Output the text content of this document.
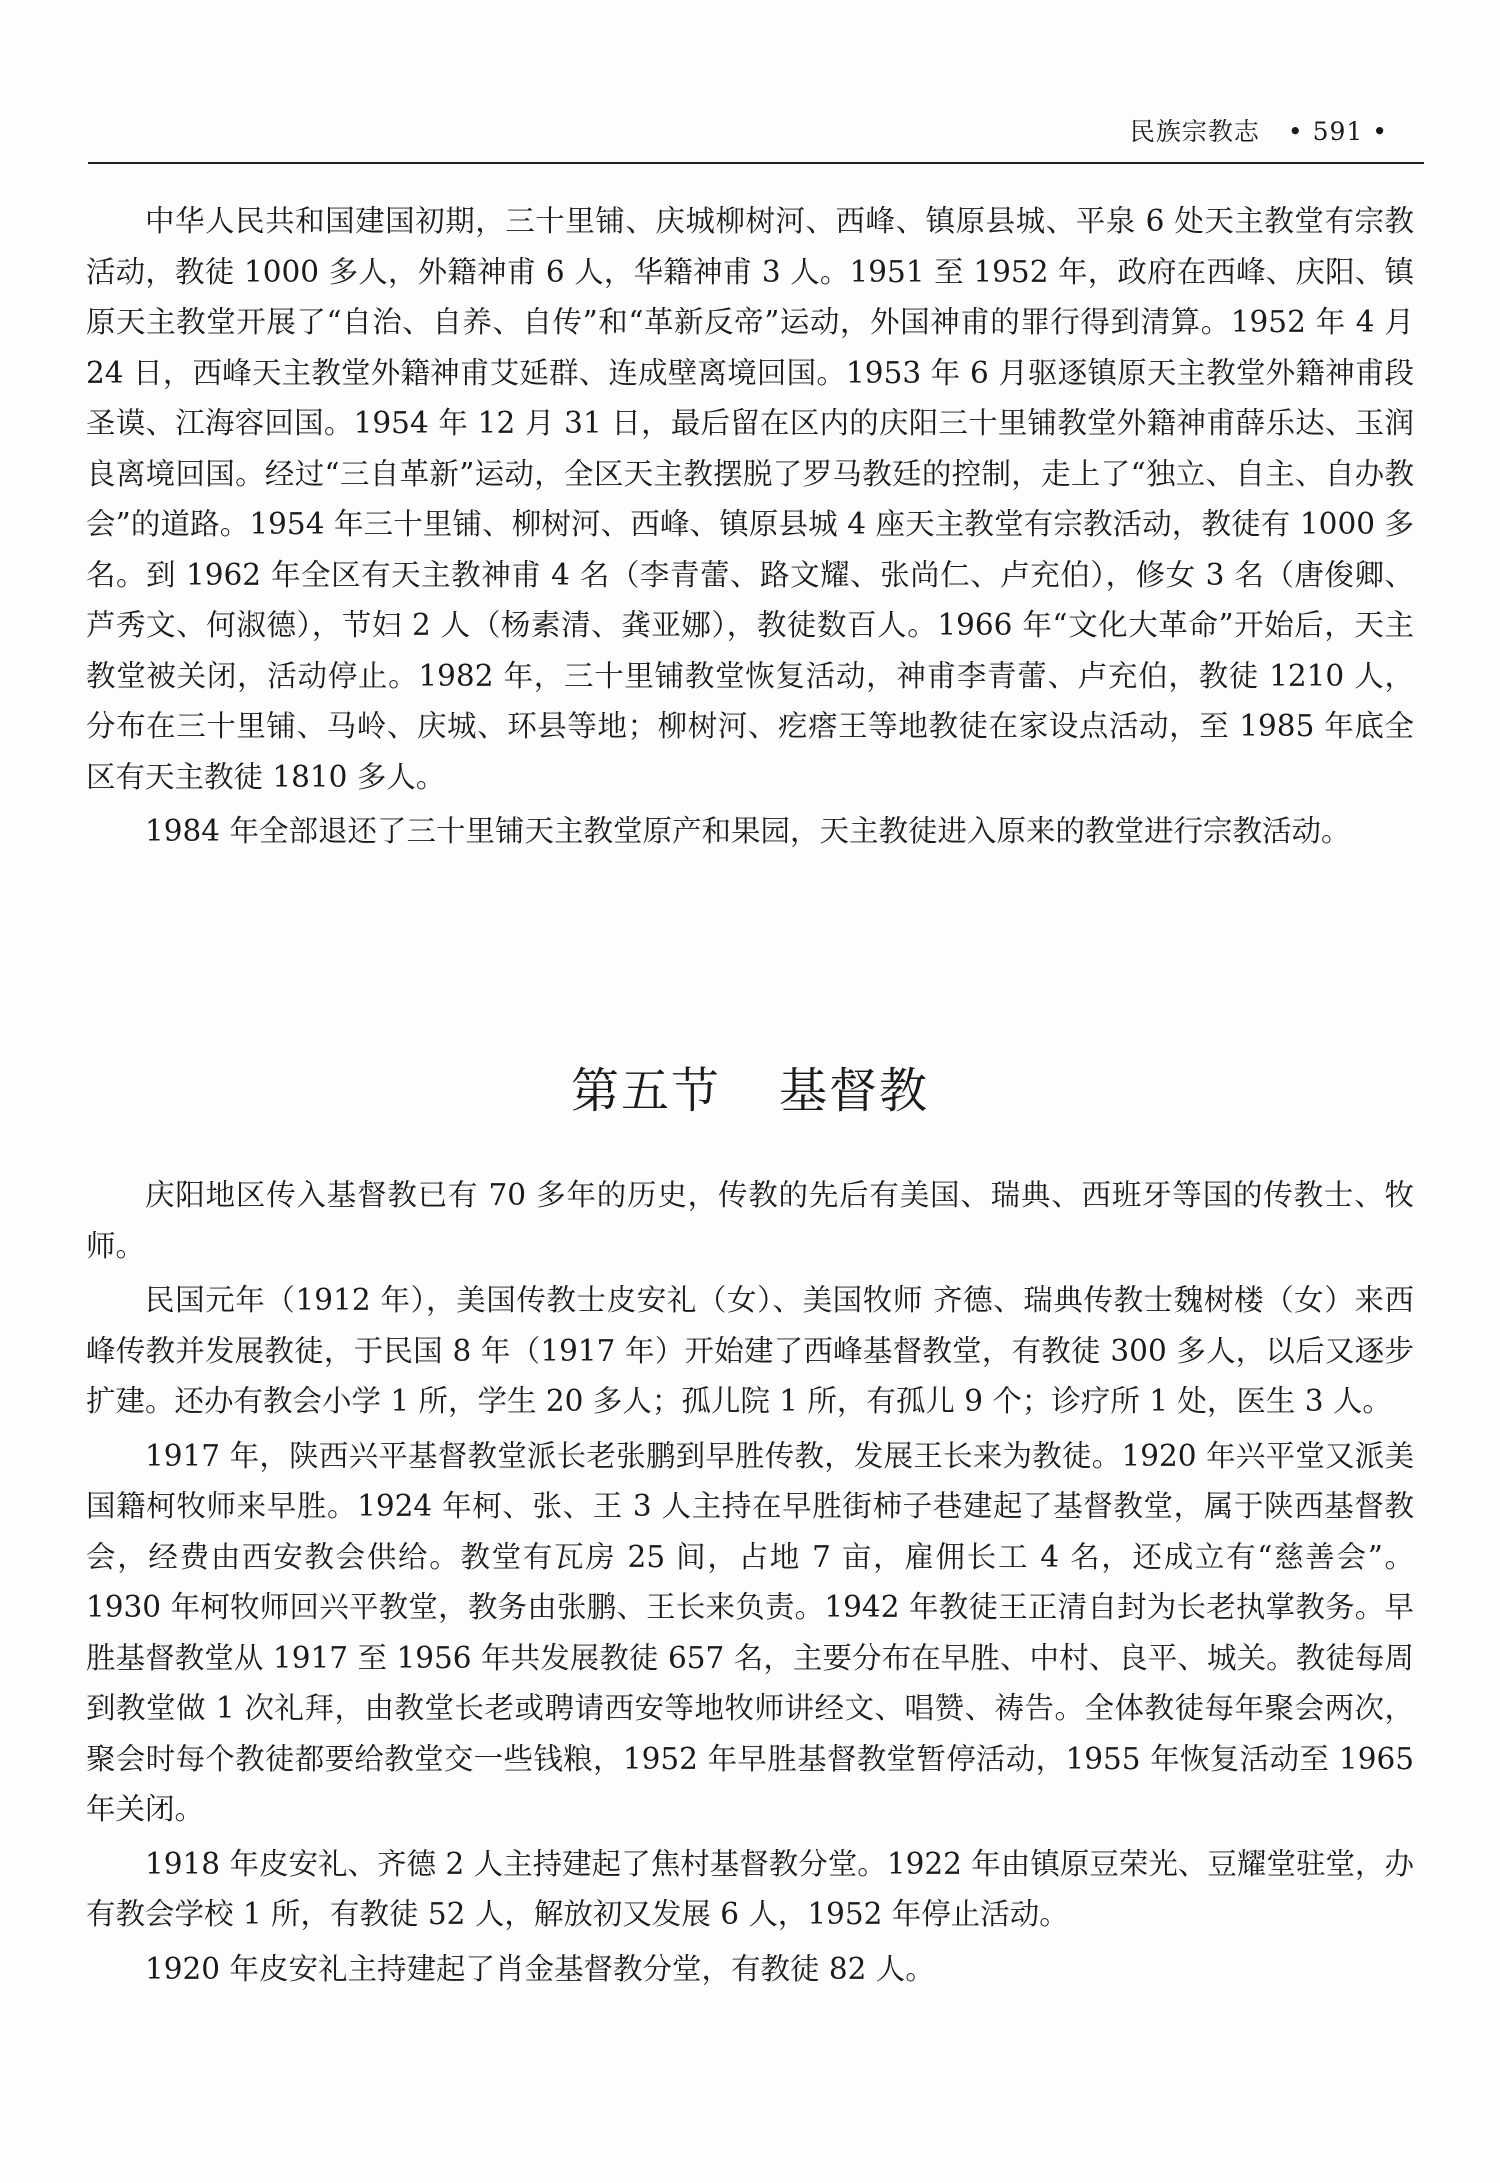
民族宗教志 • 591 •

中华人民共和国建国初期，三十里铺、庆城柳树河、西峰、镇原县城、平泉 6 处天主教堂有宗教活动，教徒 1000 多人，外籍神甫 6 人，华籍神甫 3 人。1951 至 1952 年，政府在西峰、庆阳、镇原天主教堂开展了“自治、自养、自传”和“革新反帝”运动，外国神甫的罪行得到清算。1952 年 4 月 24 日，西峰天主教堂外籍神甫艾延群、连成壁离境回国。1953 年 6 月驱逐镇原天主教堂外籍神甫段圣谟、江海容回国。1954 年 12 月 31 日，最后留在区内的庆阳三十里铺教堂外籍神甫薛乐达、玉润良离境回国。经过“三自革新”运动，全区天主教摆脱了罗马教廷的控制，走上了“独立、自主、自办教会”的道路。1954 年三十里铺、柳树河、西峰、镇原县城 4 座天主教堂有宗教活动，教徒有 1000 多名。到 1962 年全区有天主教神甫 4 名（李青蕾、路文耀、张尚仁、卢充伯），修女 3 名（唐俊卿、芦秀文、何淑德），节妇 2 人（杨素清、龚亚娜），教徒数百人。1966 年“文化大革命”开始后，天主教堂被关闭，活动停止。1982 年，三十里铺教堂恢复活动，神甫李青蕾、卢充伯，教徒 1210 人，分布在三十里铺、马岭、庆城、环县等地；柳树河、疙瘩王等地教徒在家设点活动，至 1985 年底全区有天主教徒 1810 多人。

1984 年全部退还了三十里铺天主教堂原产和果园，天主教徒进入原来的教堂进行宗教活动。

第五节 基督教

庆阳地区传入基督教已有 70 多年的历史，传教的先后有美国、瑞典、西班牙等国的传教士、牧师。

民国元年（1912 年），美国传教士皮安礼（女）、美国牧师 齐德、瑞典传教士魏树楼（女）来西峰传教并发展教徒，于民国 8 年（1917 年）开始建了西峰基督教堂，有教徒 300 多人，以后又逐步扩建。还办有教会小学 1 所，学生 20 多人；孤儿院 1 所，有孤儿 9 个；诊疗所 1 处，医生 3 人。

1917 年，陕西兴平基督教堂派长老张鹏到早胜传教，发展王长来为教徒。1920 年兴平堂又派美国籍柯牧师来早胜。1924 年柯、张、王 3 人主持在早胜街柿子巷建起了基督教堂，属于陕西基督教会，经费由西安教会供给。教堂有瓦房 25 间，占地 7 亩，雇佣长工 4 名，还成立有“慈善会”。1930 年柯牧师回兴平教堂，教务由张鹏、王长来负责。1942 年教徒王正清自封为长老执掌教务。早胜基督教堂从 1917 至 1956 年共发展教徒 657 名，主要分布在早胜、中村、良平、城关。教徒每周到教堂做 1 次礼拜，由教堂长老或聘请西安等地牧师讲经文、唱赞、祷告。全体教徒每年聚会两次，聚会时每个教徒都要给教堂交一些钱粮，1952 年早胜基督教堂暂停活动，1955 年恢复活动至 1965 年关闭。

1918 年皮安礼、齐德 2 人主持建起了焦村基督教分堂。1922 年由镇原豆荣光、豆耀堂驻堂，办有教会学校 1 所，有教徒 52 人，解放初又发展 6 人，1952 年停止活动。

1920 年皮安礼主持建起了肖金基督教分堂，有教徒 82 人。
